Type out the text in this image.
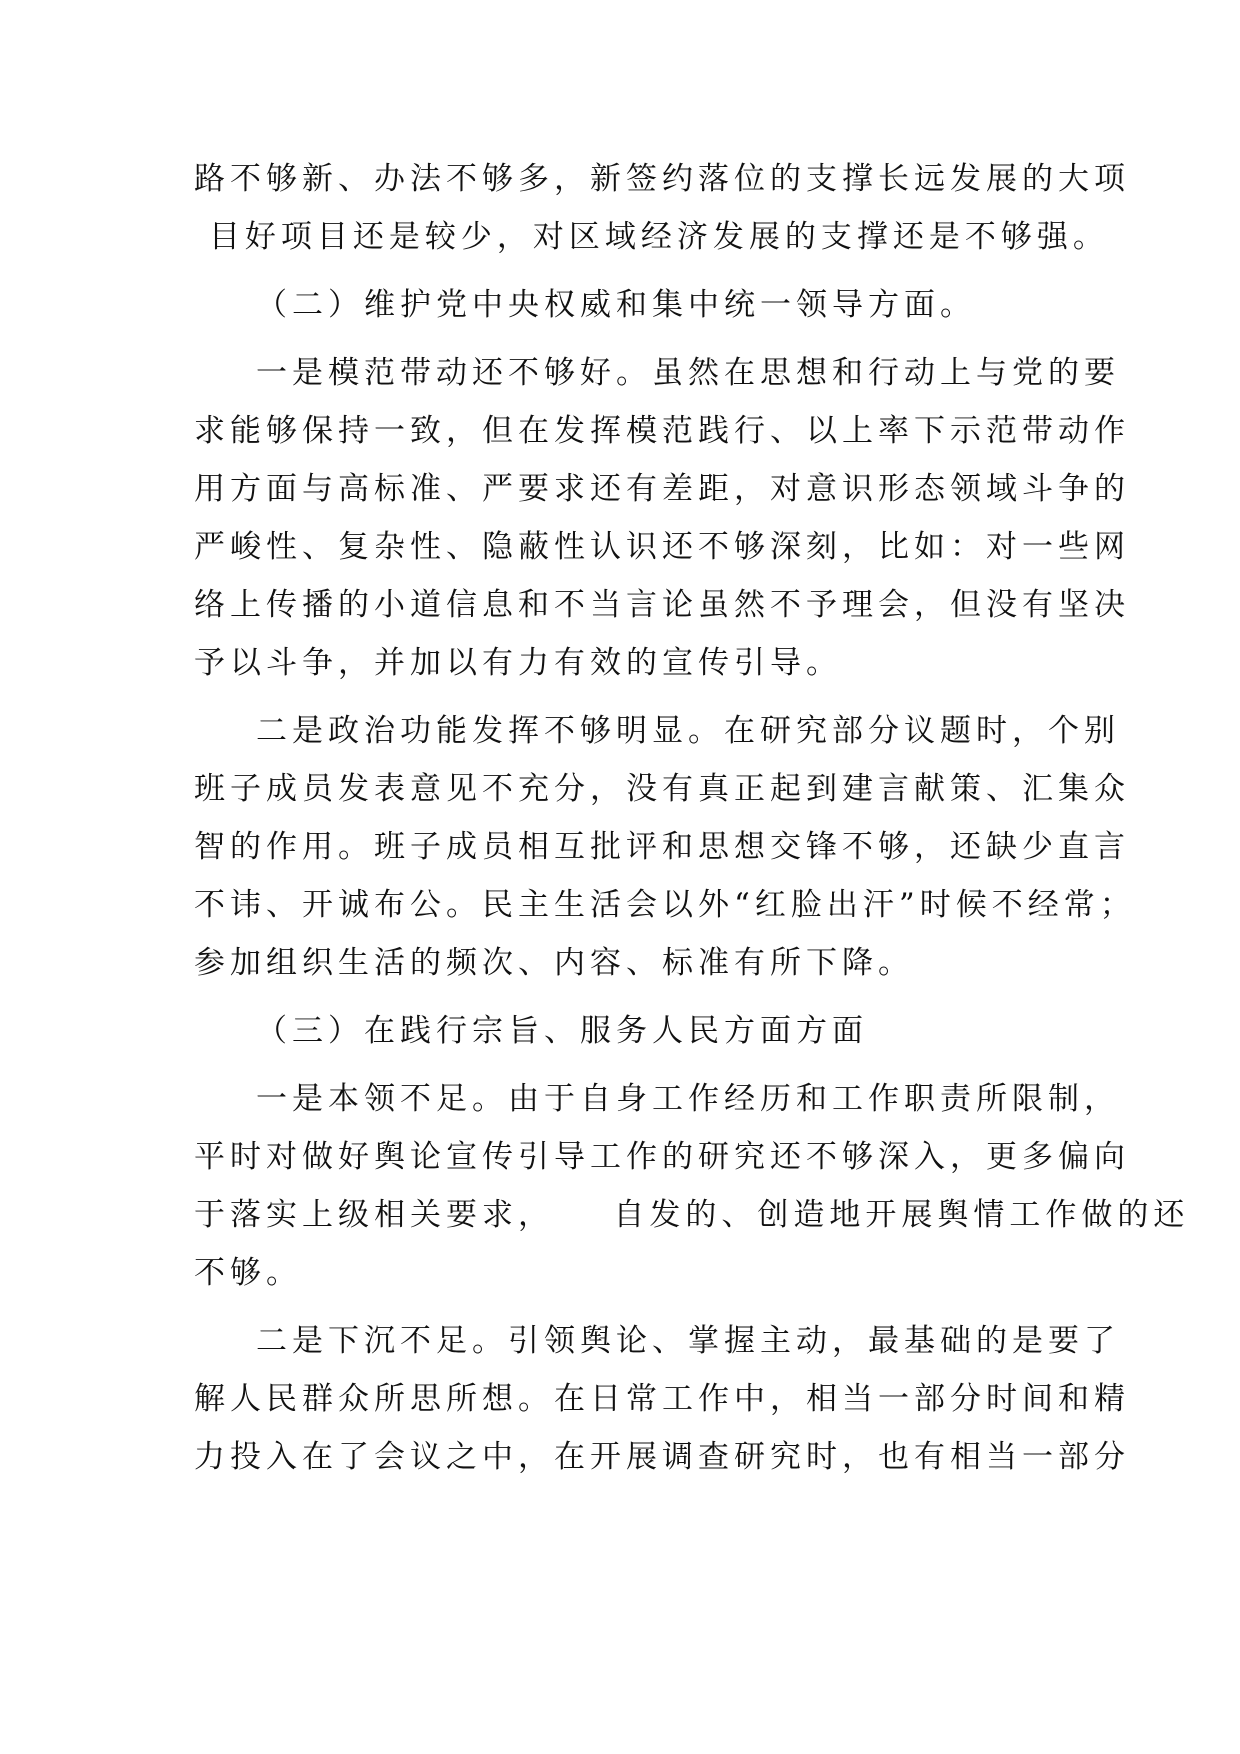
路不够新、办法不够多，新签约落位的支撑长远发展的大项
目好项目还是较少，对区域经济发展的支撑还是不够强。
（二）维护党中央权威和集中统一领导方面。
一是模范带动还不够好。虽然在思想和行动上与党的要
求能够保持一致，但在发挥模范践行、以上率下示范带动作
用方面与高标准、严要求还有差距，对意识形态领域斗争的
严峻性、复杂性、隐蔽性认识还不够深刻，比如：对一些网
络上传播的小道信息和不当言论虽然不予理会，但没有坚决
予以斗争，并加以有力有效的宣传引导。
二是政治功能发挥不够明显。在研究部分议题时，个别
班子成员发表意见不充分，没有真正起到建言献策、汇集众
智的作用。班子成员相互批评和思想交锋不够，还缺少直言
不讳、开诚布公。民主生活会以外“红脸出汗”时候不经常；
参加组织生活的频次、内容、标准有所下降。
（三）在践行宗旨、服务人民方面方面
一是本领不足。由于自身工作经历和工作职责所限制，
平时对做好舆论宣传引导工作的研究还不够深入，更多偏向
于落实上级相关要求，    自发的、创造地开展舆情工作做的还
不够。
二是下沉不足。引领舆论、掌握主动，最基础的是要了
解人民群众所思所想。在日常工作中，相当一部分时间和精
力投入在了会议之中，在开展调查研究时，也有相当一部分
